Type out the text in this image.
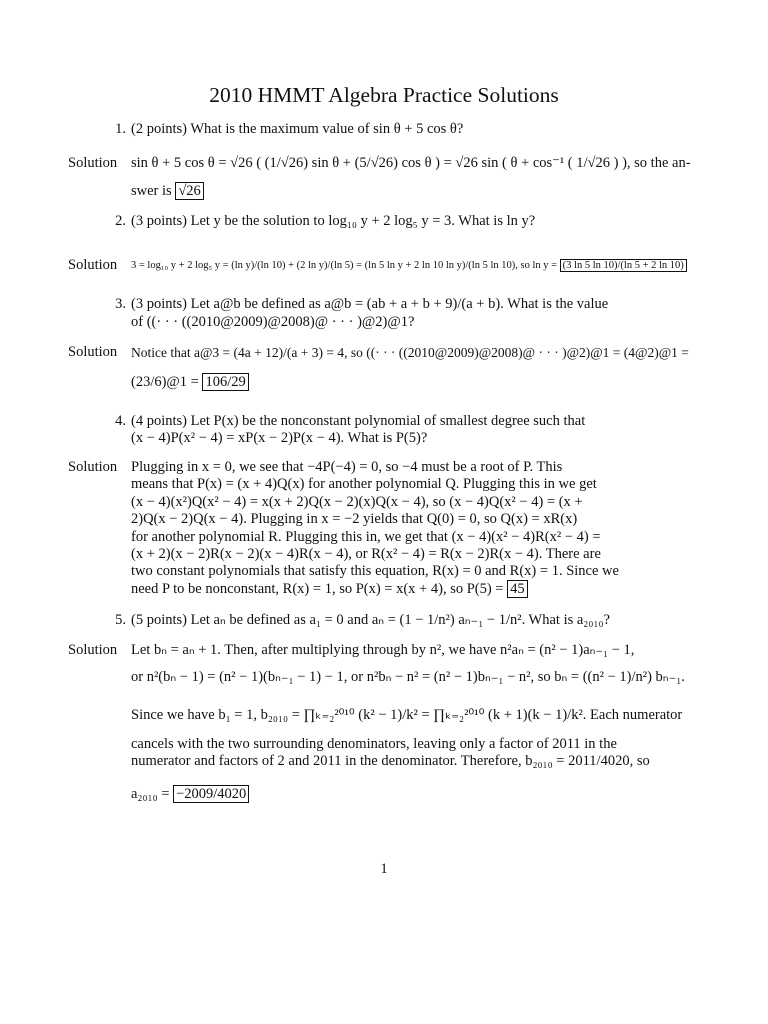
2010 HMMT Algebra Practice Solutions
1. (2 points) What is the maximum value of sin θ + 5 cos θ?
Solution sin θ + 5 cos θ = √26 ( (1/√26) sin θ + (5/√26) cos θ ) = √26 sin ( θ + cos⁻¹ ( 1/√26 ) ), so the an-
swer is √26
2. (3 points) Let y be the solution to log₁₀ y + 2 log₅ y = 3. What is ln y?
Solution 3 = log₁₀ y + 2 log₅ y = (ln y)/(ln 10) + (2 ln y)/(ln 5) = (ln 5 ln y + 2 ln 10 ln y)/(ln 5 ln 10), so ln y = (3 ln 5 ln 10)/(ln 5 + 2 ln 10)
3. (3 points) Let a@b be defined as a@b = (ab + a + b + 9)/(a + b). What is the value
of ((· · · ((2010@2009)@2008)@ · · · )@2)@1?
Solution Notice that a@3 = (4a + 12)/(a + 3) = 4, so ((· · · ((2010@2009)@2008)@ · · · )@2)@1 = (4@2)@1 =
(23/6)@1 = 106/29
4. (4 points) Let P(x) be the nonconstant polynomial of smallest degree such that
(x − 4)P(x² − 4) = xP(x − 2)P(x − 4). What is P(5)?
Solution Plugging in x = 0, we see that −4P(−4) = 0, so −4 must be a root of P. This
means that P(x) = (x + 4)Q(x) for another polynomial Q. Plugging this in we get
(x − 4)(x²)Q(x² − 4) = x(x + 2)Q(x − 2)(x)Q(x − 4), so (x − 4)Q(x² − 4) = (x +
2)Q(x − 2)Q(x − 4). Plugging in x = −2 yields that Q(0) = 0, so Q(x) = xR(x)
for another polynomial R. Plugging this in, we get that (x − 4)(x² − 4)R(x² − 4) =
(x + 2)(x − 2)R(x − 2)(x − 4)R(x − 4), or R(x² − 4) = R(x − 2)R(x − 4). There are
two constant polynomials that satisfy this equation, R(x) = 0 and R(x) = 1. Since we
need P to be nonconstant, R(x) = 1, so P(x) = x(x + 4), so P(5) = 45
5. (5 points) Let aₙ be defined as a₁ = 0 and aₙ = (1 − 1/n²) aₙ₋₁ − 1/n². What is a₂₀₁₀?
Solution Let bₙ = aₙ + 1. Then, after multiplying through by n², we have n²aₙ = (n² − 1)aₙ₋₁ − 1,
or n²(bₙ − 1) = (n² − 1)(bₙ₋₁ − 1) − 1, or n²bₙ − n² = (n² − 1)bₙ₋₁ − n², so bₙ = ((n² − 1)/n²) bₙ₋₁.
Since we have b₁ = 1, b₂₀₁₀ = ∏ₖ₌₂²⁰¹⁰ (k² − 1)/k² = ∏ₖ₌₂²⁰¹⁰ (k + 1)(k − 1)/k². Each numerator
cancels with the two surrounding denominators, leaving only a factor of 2011 in the
numerator and factors of 2 and 2011 in the denominator. Therefore, b₂₀₁₀ = 2011/4020, so
a₂₀₁₀ = −2009/4020
1
